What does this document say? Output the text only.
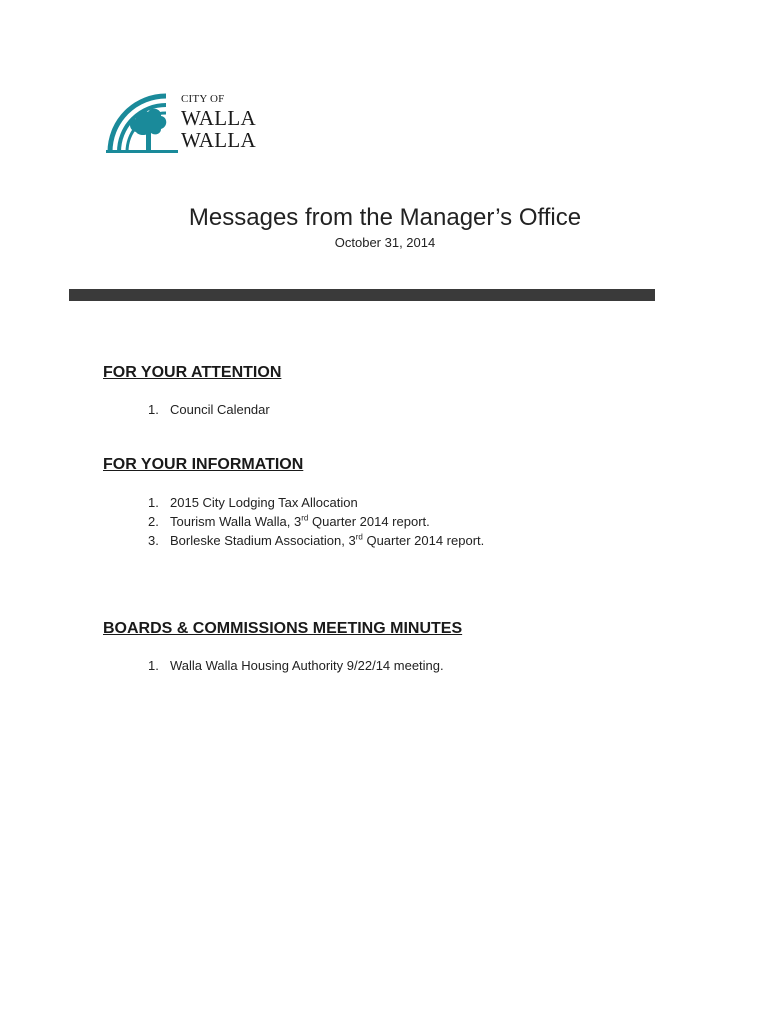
CITY OF
WALLA
WALLA
Messages from the Manager’s Office
October 31, 2014
FOR YOUR ATTENTION
1. Council Calendar
FOR YOUR INFORMATION
1. 2015 City Lodging Tax Allocation
2. Tourism Walla Walla, 3rd Quarter 2014 report.
3. Borleske Stadium Association, 3rd Quarter 2014 report.
BOARDS & COMMISSIONS MEETING MINUTES
1. Walla Walla Housing Authority 9/22/14 meeting.
